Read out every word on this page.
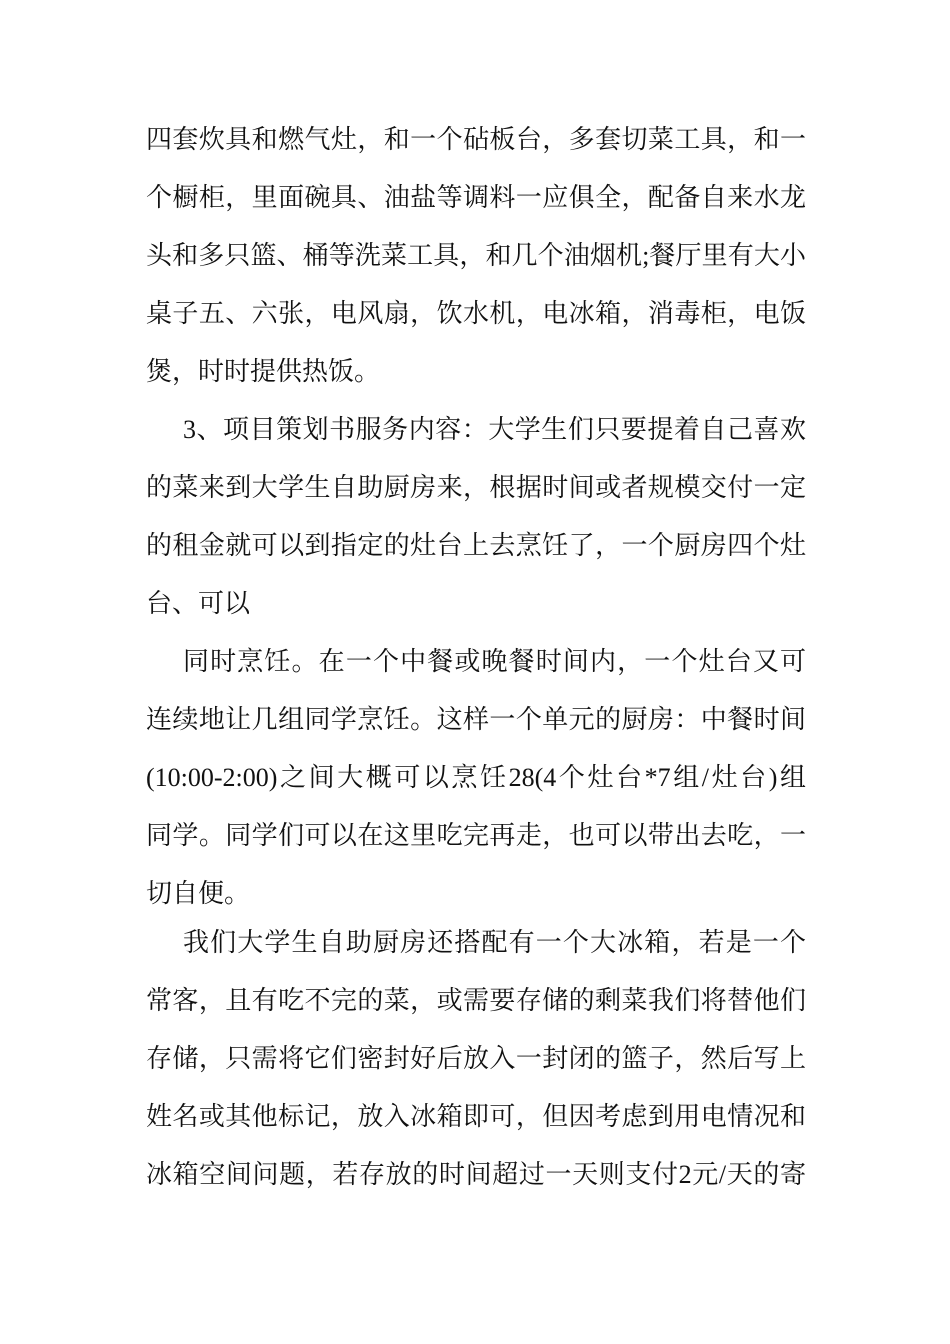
四套炊具和燃气灶，和一个砧板台，多套切菜工具，和一
个橱柜，里面碗具、油盐等调料一应俱全，配备自来水龙
头和多只篮、桶等洗菜工具，和几个油烟机;餐厅里有大小
桌子五、六张，电风扇，饮水机，电冰箱，消毒柜，电饭
煲，时时提供热饭。
3、项目策划书服务内容：大学生们只要提着自己喜欢
的菜来到大学生自助厨房来，根据时间或者规模交付一定
的租金就可以到指定的灶台上去烹饪了，一个厨房四个灶
台、可以
同时烹饪。在一个中餐或晚餐时间内，一个灶台又可
连续地让几组同学烹饪。这样一个单元的厨房：中餐时间
(10:00-2:00)之间大概可以烹饪28(4个灶台*7组/灶台)组
同学。同学们可以在这里吃完再走，也可以带出去吃，一
切自便。
我们大学生自助厨房还搭配有一个大冰箱，若是一个
常客，且有吃不完的菜，或需要存储的剩菜我们将替他们
存储，只需将它们密封好后放入一封闭的篮子，然后写上
姓名或其他标记，放入冰箱即可，但因考虑到用电情况和
冰箱空间问题，若存放的时间超过一天则支付2元/天的寄
